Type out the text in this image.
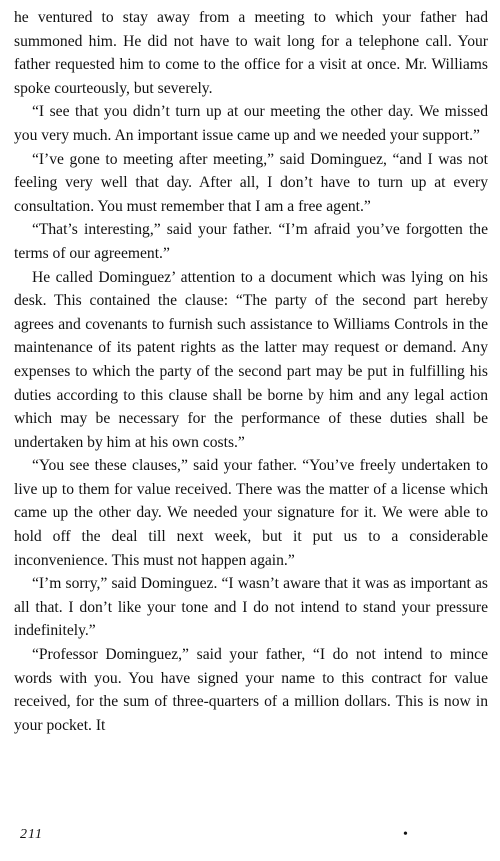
he ventured to stay away from a meeting to which your father had summoned him. He did not have to wait long for a telephone call. Your father requested him to come to the office for a visit at once. Mr. Williams spoke courteously, but severely.

“I see that you didn’t turn up at our meeting the other day. We missed you very much. An important issue came up and we needed your support.”

“I’ve gone to meeting after meeting,” said Dominguez, “and I was not feeling very well that day. After all, I don’t have to turn up at every consultation. You must remember that I am a free agent.”

“That’s interesting,” said your father. “I’m afraid you’ve forgotten the terms of our agreement.”

He called Dominguez’ attention to a document which was lying on his desk. This contained the clause: “The party of the second part hereby agrees and covenants to furnish such assistance to Williams Controls in the maintenance of its patent rights as the latter may request or demand. Any expenses to which the party of the second part may be put in fulfilling his duties according to this clause shall be borne by him and any legal action which may be necessary for the performance of these duties shall be undertaken by him at his own costs.”

“You see these clauses,” said your father. “You’ve freely undertaken to live up to them for value received. There was the matter of a license which came up the other day. We needed your signature for it. We were able to hold off the deal till next week, but it put us to a considerable inconvenience. This must not happen again.”

“I’m sorry,” said Dominguez. “I wasn’t aware that it was as important as all that. I don’t like your tone and I do not intend to stand your pressure indefinitely.”

“Professor Dominguez,” said your father, “I do not intend to mince words with you. You have signed your name to this contract for value received, for the sum of three-quarters of a million dollars. This is now in your pocket. It

211	•
